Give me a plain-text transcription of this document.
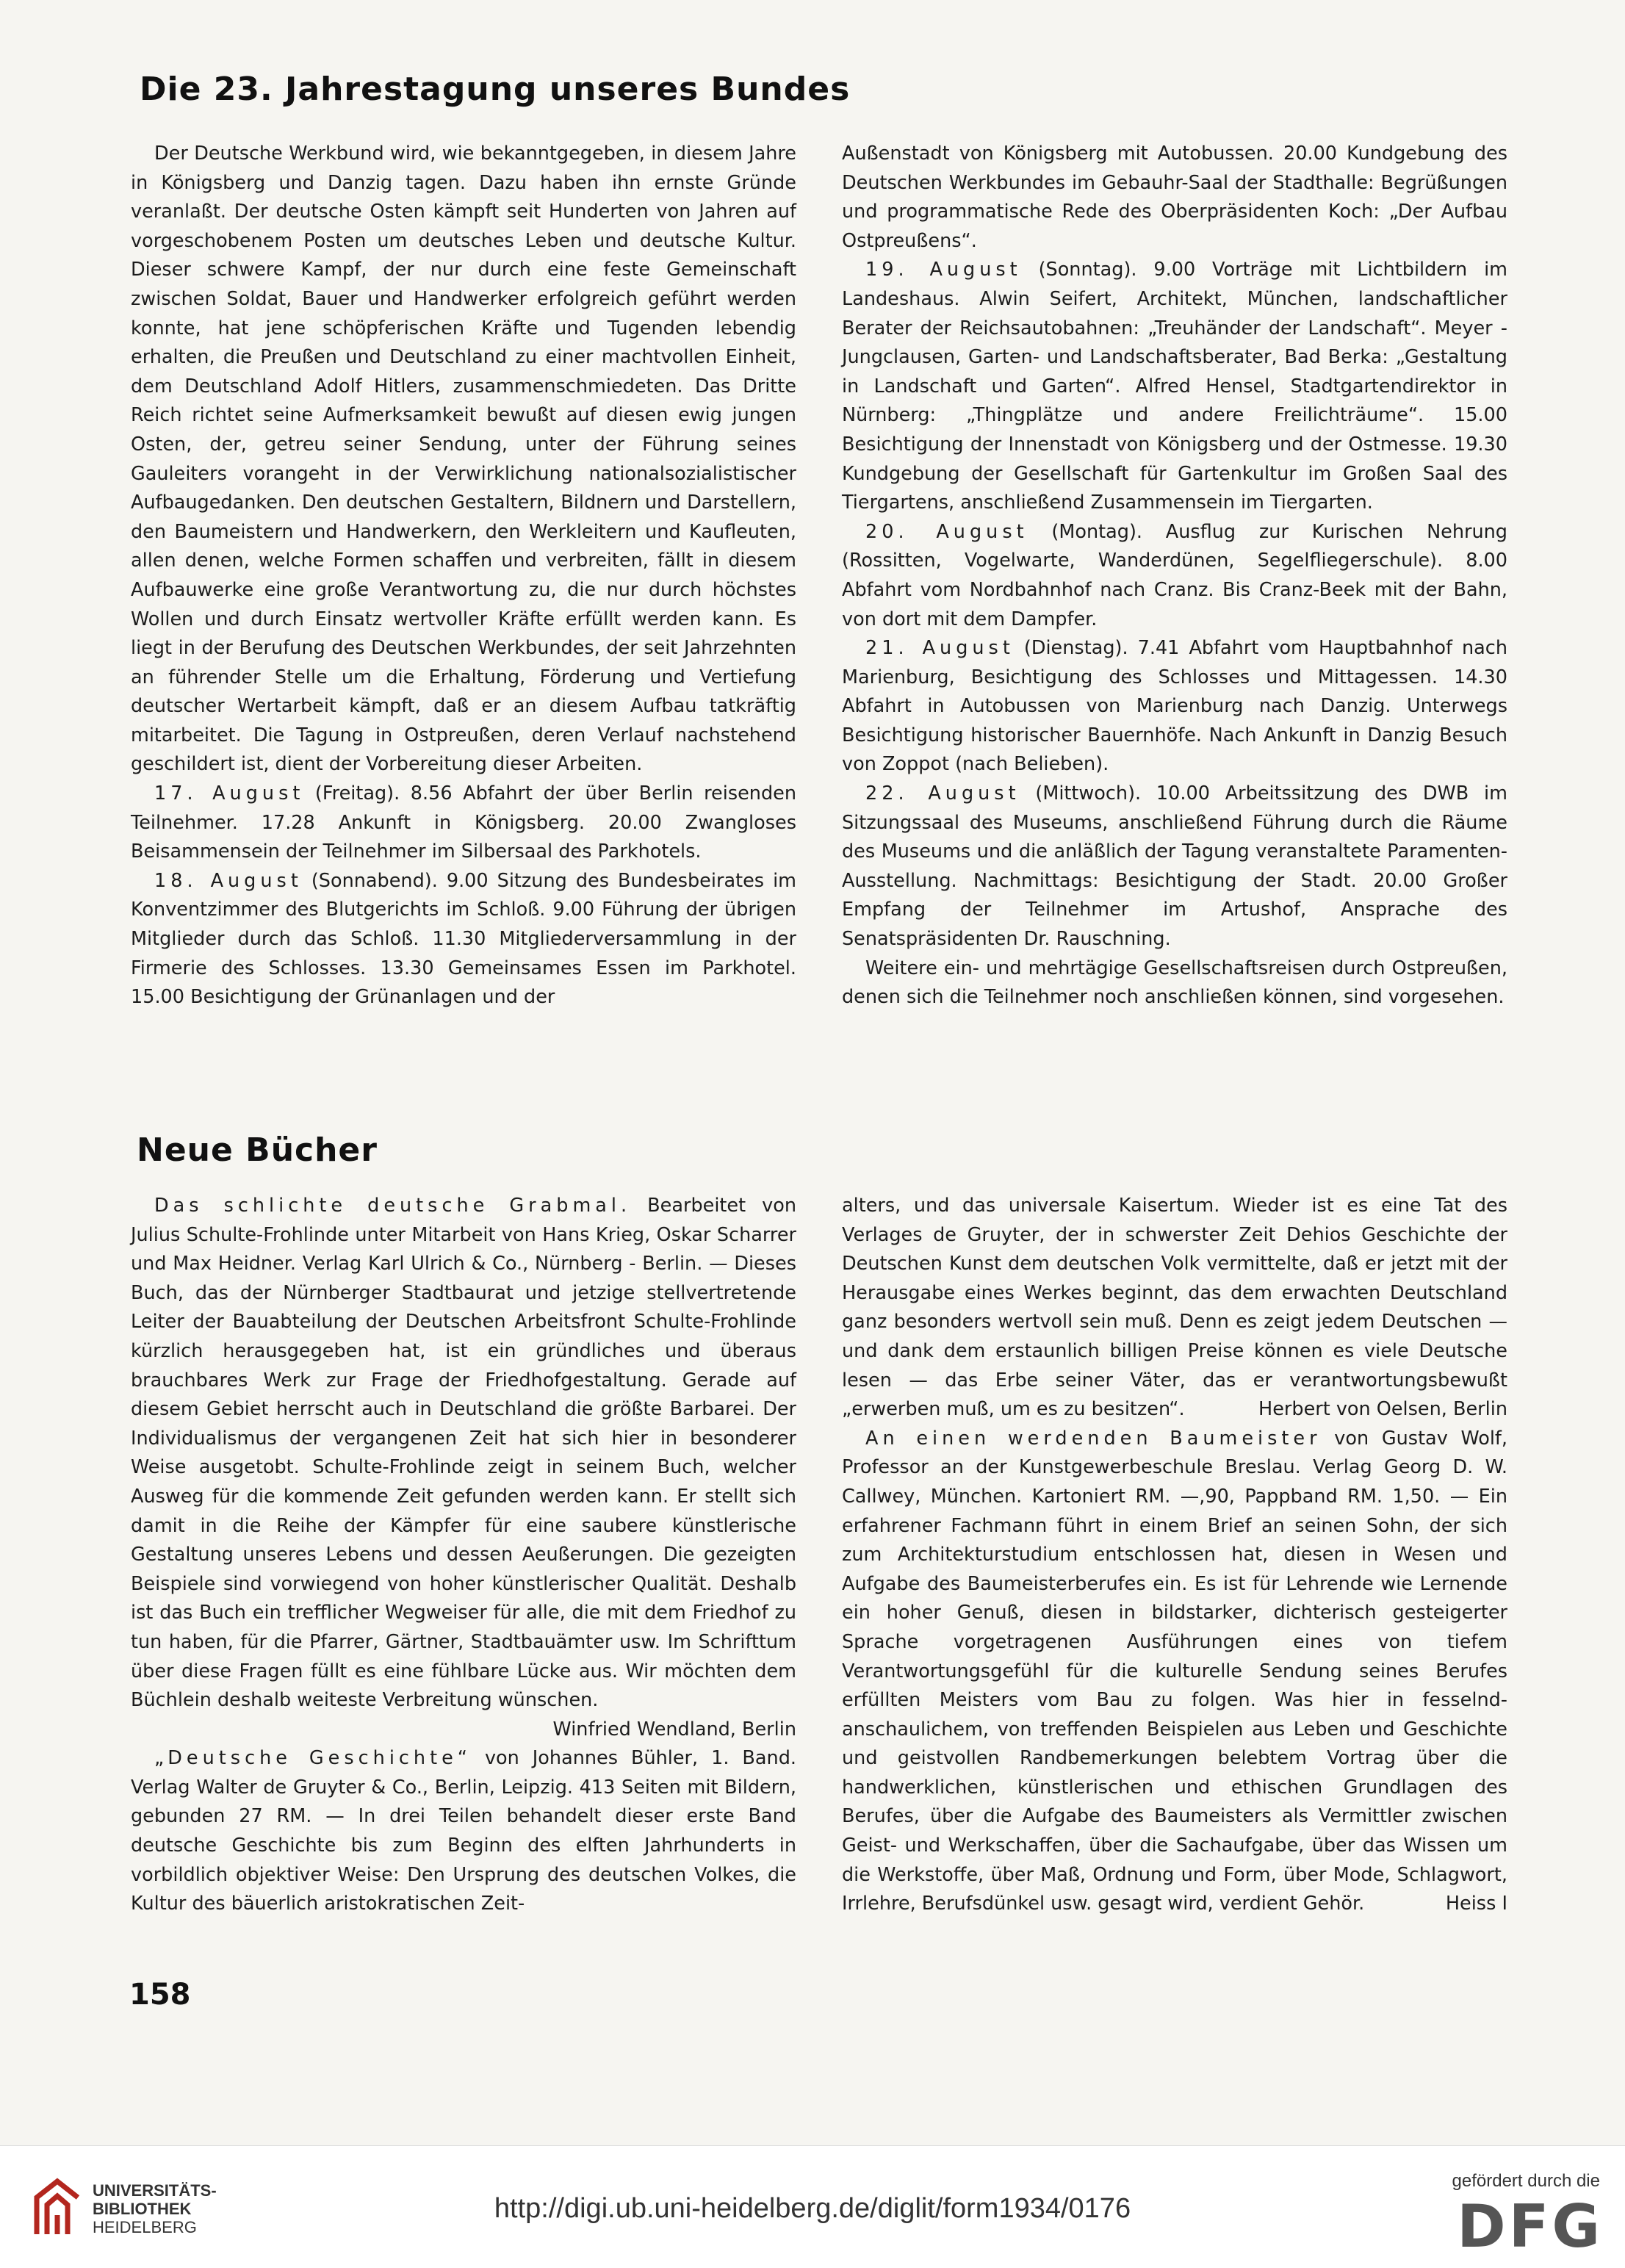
Die 23. Jahrestagung unseres Bundes

Der Deutsche Werkbund wird, wie bekanntgegeben, in diesem Jahre in Königsberg und Danzig tagen. Dazu haben ihn ernste Gründe veranlaßt. Der deutsche Osten kämpft seit Hunderten von Jahren auf vorgeschobenem Posten um deutsches Leben und deutsche Kultur. Dieser schwere Kampf, der nur durch eine feste Gemeinschaft zwischen Soldat, Bauer und Handwerker erfolgreich geführt werden konnte, hat jene schöpferischen Kräfte und Tugenden lebendig erhalten, die Preußen und Deutschland zu einer machtvollen Einheit, dem Deutschland Adolf Hitlers, zusammenschmiedeten. Das Dritte Reich richtet seine Aufmerksamkeit bewußt auf diesen ewig jungen Osten, der, getreu seiner Sendung, unter der Führung seines Gauleiters vorangeht in der Verwirklichung nationalsozialistischer Aufbaugedanken. Den deutschen Gestaltern, Bildnern und Darstellern, den Baumeistern und Handwerkern, den Werkleitern und Kaufleuten, allen denen, welche Formen schaffen und verbreiten, fällt in diesem Aufbauwerke eine große Verantwortung zu, die nur durch höchstes Wollen und durch Einsatz wertvoller Kräfte erfüllt werden kann. Es liegt in der Berufung des Deutschen Werkbundes, der seit Jahrzehnten an führender Stelle um die Erhaltung, Förderung und Vertiefung deutscher Wertarbeit kämpft, daß er an diesem Aufbau tatkräftig mitarbeitet. Die Tagung in Ostpreußen, deren Verlauf nachstehend geschildert ist, dient der Vorbereitung dieser Arbeiten.

17. August (Freitag). 8.56 Abfahrt der über Berlin reisenden Teilnehmer. 17.28 Ankunft in Königsberg. 20.00 Zwangloses Beisammensein der Teilnehmer im Silbersaal des Parkhotels.

18. August (Sonnabend). 9.00 Sitzung des Bundesbeirates im Konventzimmer des Blutgerichts im Schloß. 9.00 Führung der übrigen Mitglieder durch das Schloß. 11.30 Mitgliederversammlung in der Firmerie des Schlosses. 13.30 Gemeinsames Essen im Parkhotel. 15.00 Besichtigung der Grünanlagen und der

Außenstadt von Königsberg mit Autobussen. 20.00 Kundgebung des Deutschen Werkbundes im Gebauhr-Saal der Stadthalle: Begrüßungen und programmatische Rede des Oberpräsidenten Koch: „Der Aufbau Ostpreußens“.

19. August (Sonntag). 9.00 Vorträge mit Lichtbildern im Landeshaus. Alwin Seifert, Architekt, München, landschaftlicher Berater der Reichsautobahnen: „Treuhänder der Landschaft“. Meyer - Jungclausen, Garten- und Landschaftsberater, Bad Berka: „Gestaltung in Landschaft und Garten“. Alfred Hensel, Stadtgartendirektor in Nürnberg: „Thingplätze und andere Freilichträume“. 15.00 Besichtigung der Innenstadt von Königsberg und der Ostmesse. 19.30 Kundgebung der Gesellschaft für Gartenkultur im Großen Saal des Tiergartens, anschließend Zusammensein im Tiergarten.

20. August (Montag). Ausflug zur Kurischen Nehrung (Rossitten, Vogelwarte, Wanderdünen, Segelfliegerschule). 8.00 Abfahrt vom Nordbahnhof nach Cranz. Bis Cranz-Beek mit der Bahn, von dort mit dem Dampfer.

21. August (Dienstag). 7.41 Abfahrt vom Hauptbahnhof nach Marienburg, Besichtigung des Schlosses und Mittagessen. 14.30 Abfahrt in Autobussen von Marienburg nach Danzig. Unterwegs Besichtigung historischer Bauernhöfe. Nach Ankunft in Danzig Besuch von Zoppot (nach Belieben).

22. August (Mittwoch). 10.00 Arbeitssitzung des DWB im Sitzungssaal des Museums, anschließend Führung durch die Räume des Museums und die anläßlich der Tagung veranstaltete Paramenten-Ausstellung. Nachmittags: Besichtigung der Stadt. 20.00 Großer Empfang der Teilnehmer im Artushof, Ansprache des Senatspräsidenten Dr. Rauschning.

Weitere ein- und mehrtägige Gesellschaftsreisen durch Ostpreußen, denen sich die Teilnehmer noch anschließen können, sind vorgesehen.

Neue Bücher

Das schlichte deutsche Grabmal. Bearbeitet von Julius Schulte-Frohlinde unter Mitarbeit von Hans Krieg, Oskar Scharrer und Max Heidner. Verlag Karl Ulrich & Co., Nürnberg - Berlin. — Dieses Buch, das der Nürnberger Stadtbaurat und jetzige stellvertretende Leiter der Bauabteilung der Deutschen Arbeitsfront Schulte-Frohlinde kürzlich herausgegeben hat, ist ein gründliches und überaus brauchbares Werk zur Frage der Friedhofgestaltung. Gerade auf diesem Gebiet herrscht auch in Deutschland die größte Barbarei. Der Individualismus der vergangenen Zeit hat sich hier in besonderer Weise ausgetobt. Schulte-Frohlinde zeigt in seinem Buch, welcher Ausweg für die kommende Zeit gefunden werden kann. Er stellt sich damit in die Reihe der Kämpfer für eine saubere künstlerische Gestaltung unseres Lebens und dessen Aeußerungen. Die gezeigten Beispiele sind vorwiegend von hoher künstlerischer Qualität. Deshalb ist das Buch ein trefflicher Wegweiser für alle, die mit dem Friedhof zu tun haben, für die Pfarrer, Gärtner, Stadtbauämter usw. Im Schrifttum über diese Fragen füllt es eine fühlbare Lücke aus. Wir möchten dem Büchlein deshalb weiteste Verbreitung wünschen.

Winfried Wendland, Berlin

„Deutsche Geschichte“ von Johannes Bühler, 1. Band. Verlag Walter de Gruyter & Co., Berlin, Leipzig. 413 Seiten mit Bildern, gebunden 27 RM. — In drei Teilen behandelt dieser erste Band deutsche Geschichte bis zum Beginn des elften Jahrhunderts in vorbildlich objektiver Weise: Den Ursprung des deutschen Volkes, die Kultur des bäuerlich aristokratischen Zeit-

alters, und das universale Kaisertum. Wieder ist es eine Tat des Verlages de Gruyter, der in schwerster Zeit Dehios Geschichte der Deutschen Kunst dem deutschen Volk vermittelte, daß er jetzt mit der Herausgabe eines Werkes beginnt, das dem erwachten Deutschland ganz besonders wertvoll sein muß. Denn es zeigt jedem Deutschen — und dank dem erstaunlich billigen Preise können es viele Deutsche lesen — das Erbe seiner Väter, das er verantwortungsbewußt „erwerben muß, um es zu besitzen“.	Herbert von Oelsen, Berlin

An einen werdenden Baumeister von Gustav Wolf, Professor an der Kunstgewerbeschule Breslau. Verlag Georg D. W. Callwey, München. Kartoniert RM. —,90, Pappband RM. 1,50. — Ein erfahrener Fachmann führt in einem Brief an seinen Sohn, der sich zum Architekturstudium entschlossen hat, diesen in Wesen und Aufgabe des Baumeisterberufes ein. Es ist für Lehrende wie Lernende ein hoher Genuß, diesen in bildstarker, dichterisch gesteigerter Sprache vorgetragenen Ausführungen eines von tiefem Verantwortungsgefühl für die kulturelle Sendung seines Berufes erfüllten Meisters vom Bau zu folgen. Was hier in fesselnd-anschaulichem, von treffenden Beispielen aus Leben und Geschichte und geistvollen Randbemerkungen belebtem Vortrag über die handwerklichen, künstlerischen und ethischen Grundlagen des Berufes, über die Aufgabe des Baumeisters als Vermittler zwischen Geist- und Werkschaffen, über die Sachaufgabe, über das Wissen um die Werkstoffe, über Maß, Ordnung und Form, über Mode, Schlagwort, Irrlehre, Berufsdünkel usw. gesagt wird, verdient Gehör.	Heiss I

158
UNIVERSITÄTS-
BIBLIOTHEK
HEIDELBERG
http://digi.ub.uni-heidelberg.de/diglit/form1934/0176
gefördert durch die
DFG
